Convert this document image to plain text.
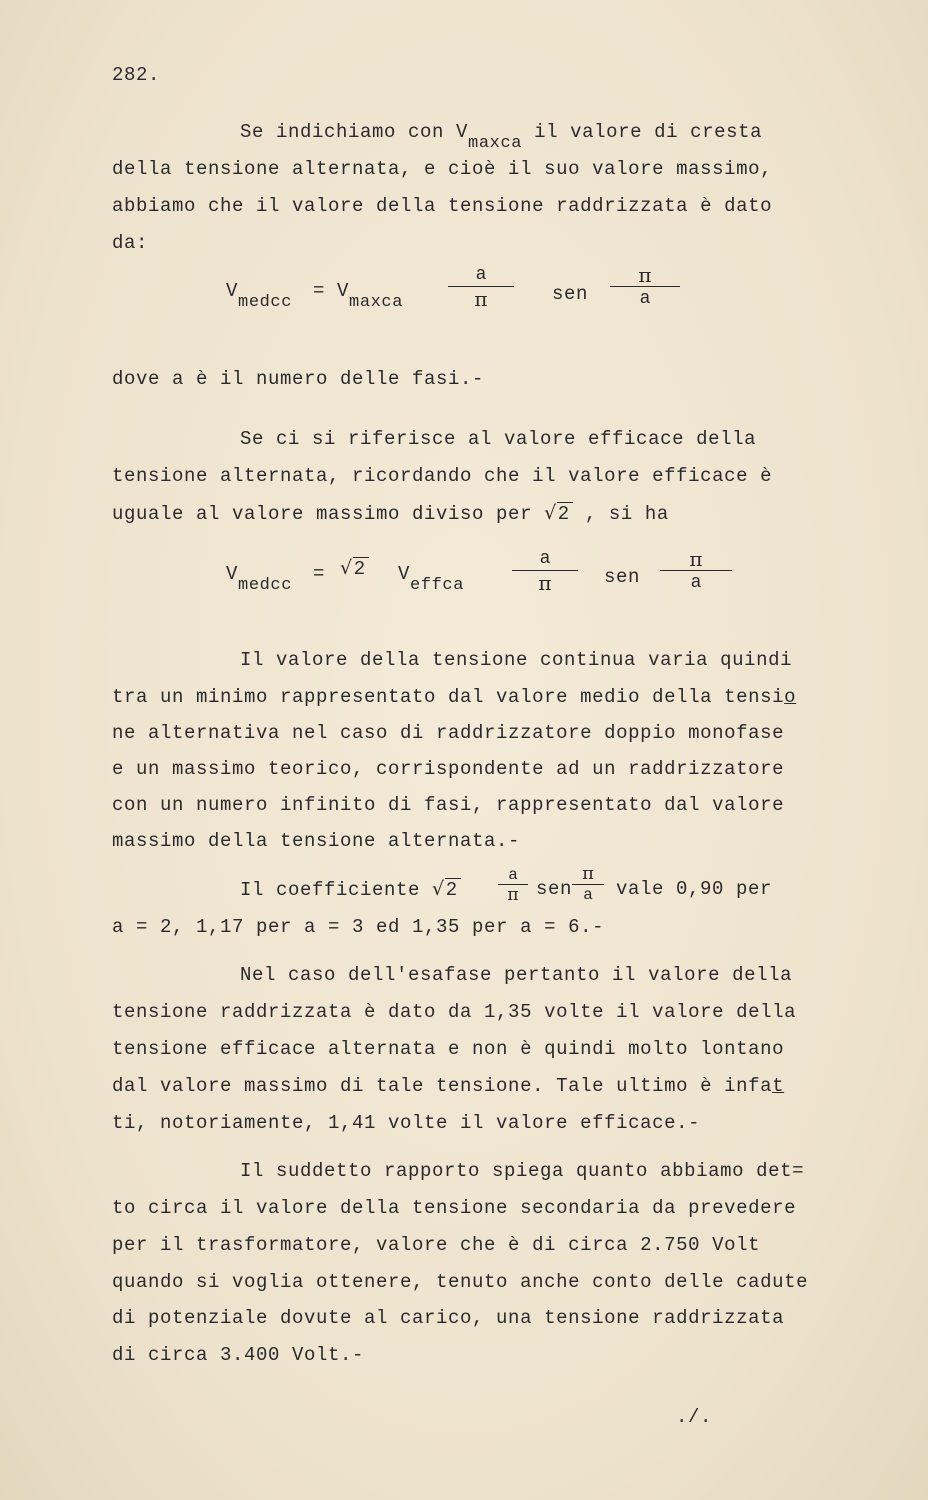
282.
Se indichiamo con Vmaxca il valore di cresta
della tensione alternata, e cioè il suo valore massimo,
abbiamo che il valore della tensione raddrizzata è dato
da:
Vmedcc
= Vmaxca
a
π	sen
π
a
dove a è il numero delle fasi.-
Se ci si riferisce al valore efficace della
tensione alternata, ricordando che il valore efficace è
uguale al valore massimo diviso per √2 , si ha
Vmedcc
= √2 Veffca
a
π	sen
π
a
Il valore della tensione continua varia quindi
tra un minimo rappresentato dal valore medio della tensio
ne alternativa nel caso di raddrizzatore doppio monofase
e un massimo teorico, corrispondente ad un raddrizzatore
con un numero infinito di fasi, rappresentato dal valore
massimo della tensione alternata.-
Il coefficiente √2
a
π sen
π
a vale 0,90 per
a = 2, 1,17 per a = 3 ed 1,35 per a = 6.-
Nel caso dell'esafase pertanto il valore della
tensione raddrizzata è dato da 1,35 volte il valore della
tensione efficace alternata e non è quindi molto lontano
dal valore massimo di tale tensione. Tale ultimo è infat
ti, notoriamente, 1,41 volte il valore efficace.-
Il suddetto rapporto spiega quanto abbiamo det=
to circa il valore della tensione secondaria da prevedere
per il trasformatore, valore che è di circa 2.750 Volt
quando si voglia ottenere, tenuto anche conto delle cadute
di potenziale dovute al carico, una tensione raddrizzata
di circa 3.400 Volt.-
./.
